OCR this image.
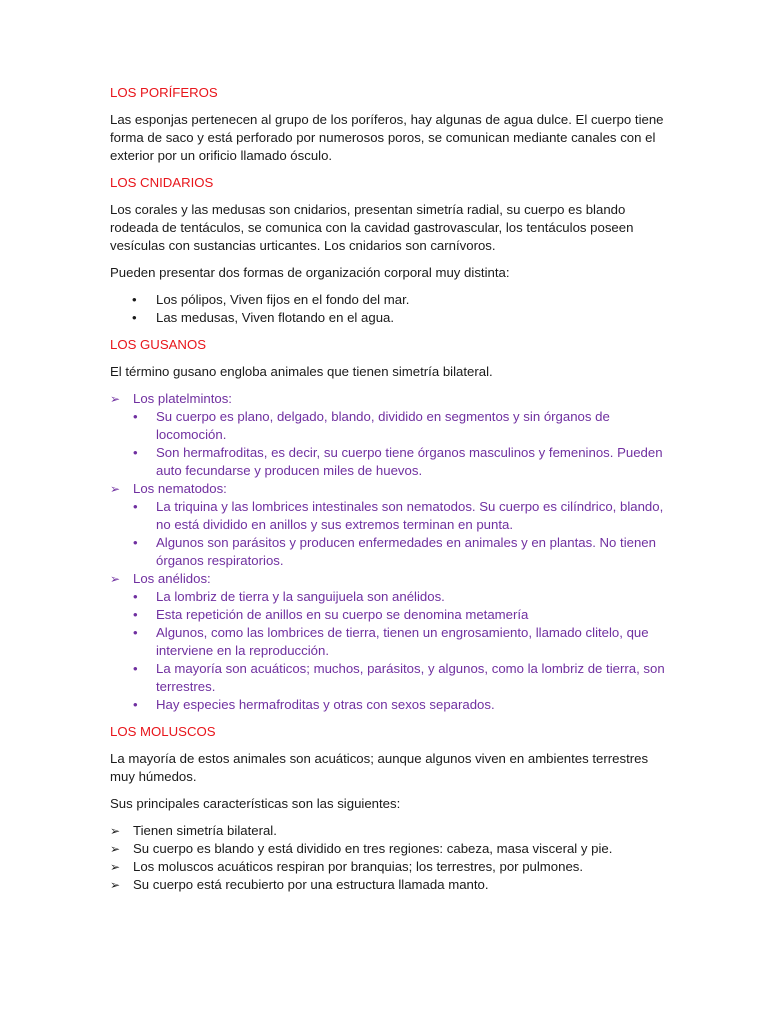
LOS PORÍFEROS
Las esponjas pertenecen al grupo de los poríferos, hay algunas de agua dulce. El cuerpo tiene forma de saco y está perforado por numerosos poros, se comunican mediante canales con el exterior por un orificio llamado ósculo.
LOS CNIDARIOS
Los corales y las medusas son cnidarios, presentan simetría radial, su cuerpo es blando rodeada de tentáculos, se comunica con la cavidad gastrovascular, los tentáculos poseen vesículas con sustancias urticantes. Los cnidarios son carnívoros.
Pueden presentar dos formas de organización corporal muy distinta:
• Los pólipos, Viven fijos en el fondo del mar.
• Las medusas, Viven flotando en el agua.
LOS GUSANOS
El término gusano engloba animales que tienen simetría bilateral.
➢ Los platelmintos:
• Su cuerpo es plano, delgado, blando, dividido en segmentos y sin órganos de locomoción.
• Son hermafroditas, es decir, su cuerpo tiene órganos masculinos y femeninos. Pueden auto fecundarse y producen miles de huevos.
➢ Los nematodos:
• La triquina y las lombrices intestinales son nematodos. Su cuerpo es cilíndrico, blando, no está dividido en anillos y sus extremos terminan en punta.
• Algunos son parásitos y producen enfermedades en animales y en plantas. No tienen órganos respiratorios.
➢ Los anélidos:
• La lombriz de tierra y la sanguijuela son anélidos.
• Esta repetición de anillos en su cuerpo se denomina metamería
• Algunos, como las lombrices de tierra, tienen un engrosamiento, llamado clitelo, que interviene en la reproducción.
• La mayoría son acuáticos; muchos, parásitos, y algunos, como la lombriz de tierra, son terrestres.
• Hay especies hermafroditas y otras con sexos separados.
LOS MOLUSCOS
La mayoría de estos animales son acuáticos; aunque algunos viven en ambientes terrestres muy húmedos.
Sus principales características son las siguientes:
➢ Tienen simetría bilateral.
➢ Su cuerpo es blando y está dividido en tres regiones: cabeza, masa visceral y pie.
➢ Los moluscos acuáticos respiran por branquias; los terrestres, por pulmones.
➢ Su cuerpo está recubierto por una estructura llamada manto.
